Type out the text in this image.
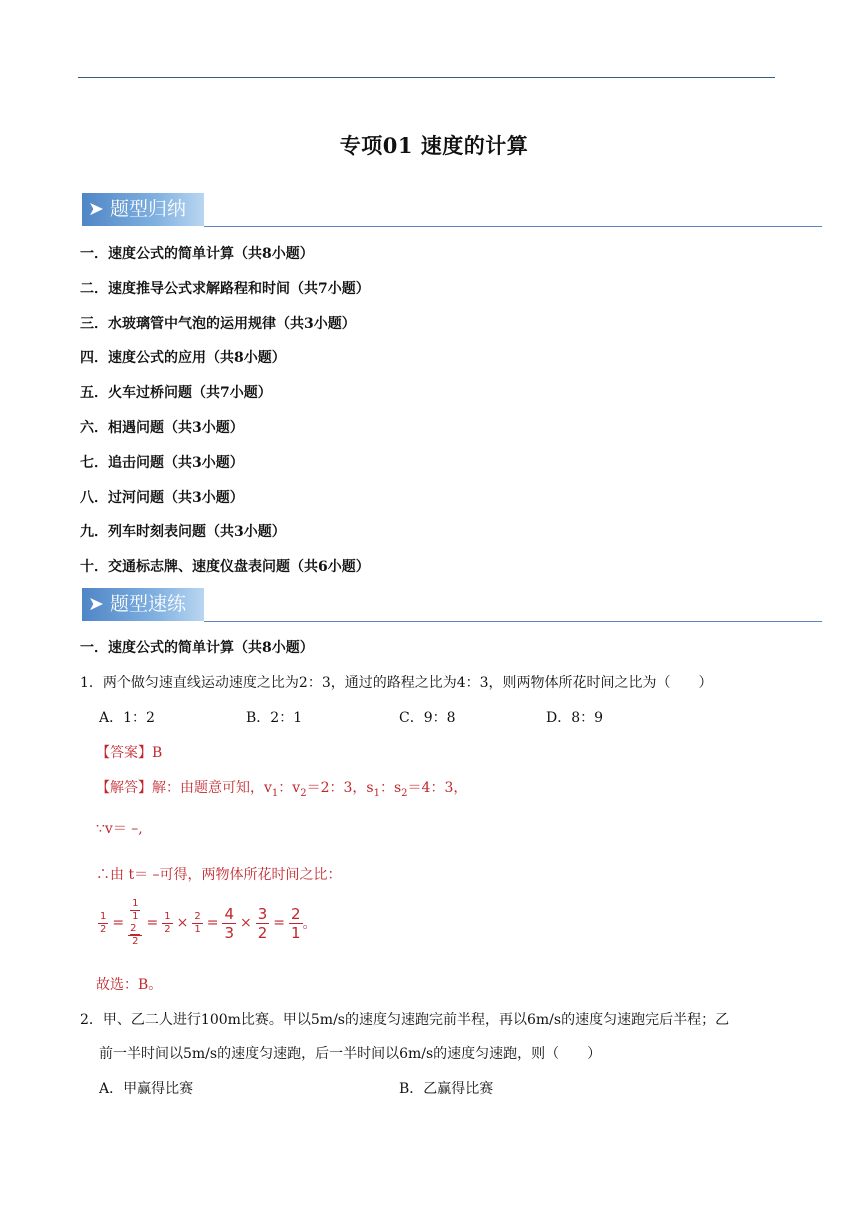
专项01 速度的计算
➤ 题型归纳
一．速度公式的简单计算（共8小题）
二．速度推导公式求解路程和时间（共7小题）
三．水玻璃管中气泡的运用规律（共3小题）
四．速度公式的应用（共8小题）
五．火车过桥问题（共7小题）
六．相遇问题（共3小题）
七．追击问题（共3小题）
八．过河问题（共3小题）
九．列车时刻表问题（共3小题）
十．交通标志牌、速度仪盘表问题（共6小题）
➤ 题型速练
一．速度公式的简单计算（共8小题）
1．两个做匀速直线运动速度之比为2：3，通过的路程之比为4：3，则两物体所花时间之比为（　　）
A．1：2	B．2：1	C．9：8	D．8：9
【答案】B
【解答】解：由题意可知，$v_1$：$v_2=2$：3，$s_1$：$s_2=4$：3，
∵v＝ –,
∴由 t＝ –可得，两物体所花时间之比：
$\frac{1}{2} = \frac{1}{1}$
2
$2 = \frac{1}{2} \times \frac{2}{1} = \frac{4}{3} \times \frac{3}{2} = \frac{2}{1}$ 。
故选：B。
2．甲、乙二人进行100m比赛。甲以5m/s的速度匀速跑完前半程，再以6m/s的速度匀速跑完后半程；乙
前一半时间以5m/s的速度匀速跑，后一半时间以6m/s的速度匀速跑，则（　　）
A．甲赢得比赛	B．乙赢得比赛
